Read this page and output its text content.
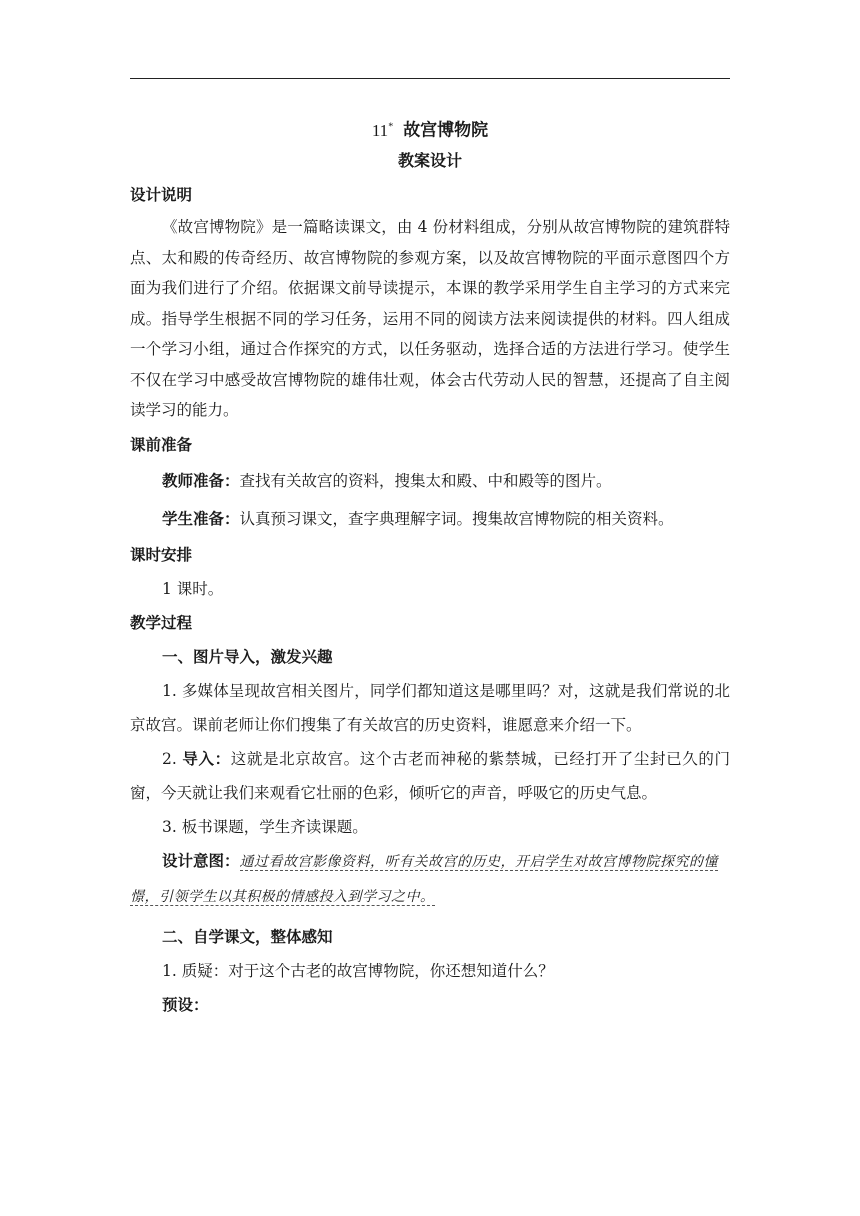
11* 故宫博物院
教案设计
设计说明
《故宫博物院》是一篇略读课文，由 4 份材料组成，分别从故宫博物院的建筑群特点、太和殿的传奇经历、故宫博物院的参观方案，以及故宫博物院的平面示意图四个方面为我们进行了介绍。依据课文前导读提示，本课的教学采用学生自主学习的方式来完成。指导学生根据不同的学习任务，运用不同的阅读方法来阅读提供的材料。四人组成一个学习小组，通过合作探究的方式，以任务驱动，选择合适的方法进行学习。使学生不仅在学习中感受故宫博物院的雄伟壮观，体会古代劳动人民的智慧，还提高了自主阅读学习的能力。
课前准备
教师准备：查找有关故宫的资料，搜集太和殿、中和殿等的图片。
学生准备：认真预习课文，查字典理解字词。搜集故宫博物院的相关资料。
课时安排
1 课时。
教学过程
一、图片导入，激发兴趣
1. 多媒体呈现故宫相关图片，同学们都知道这是哪里吗？对，这就是我们常说的北京故宫。课前老师让你们搜集了有关故宫的历史资料，谁愿意来介绍一下。
2. 导入：这就是北京故宫。这个古老而神秘的紫禁城，已经打开了尘封已久的门窗，今天就让我们来观看它壮丽的色彩，倾听它的声音，呼吸它的历史气息。
3. 板书课题，学生齐读课题。
设计意图：通过看故宫影像资料，听有关故宫的历史，开启学生对故宫博物院探究的憧憬，引领学生以其积极的情感投入到学习之中。
二、自学课文，整体感知
1. 质疑：对于这个古老的故宫博物院，你还想知道什么？
预设：
